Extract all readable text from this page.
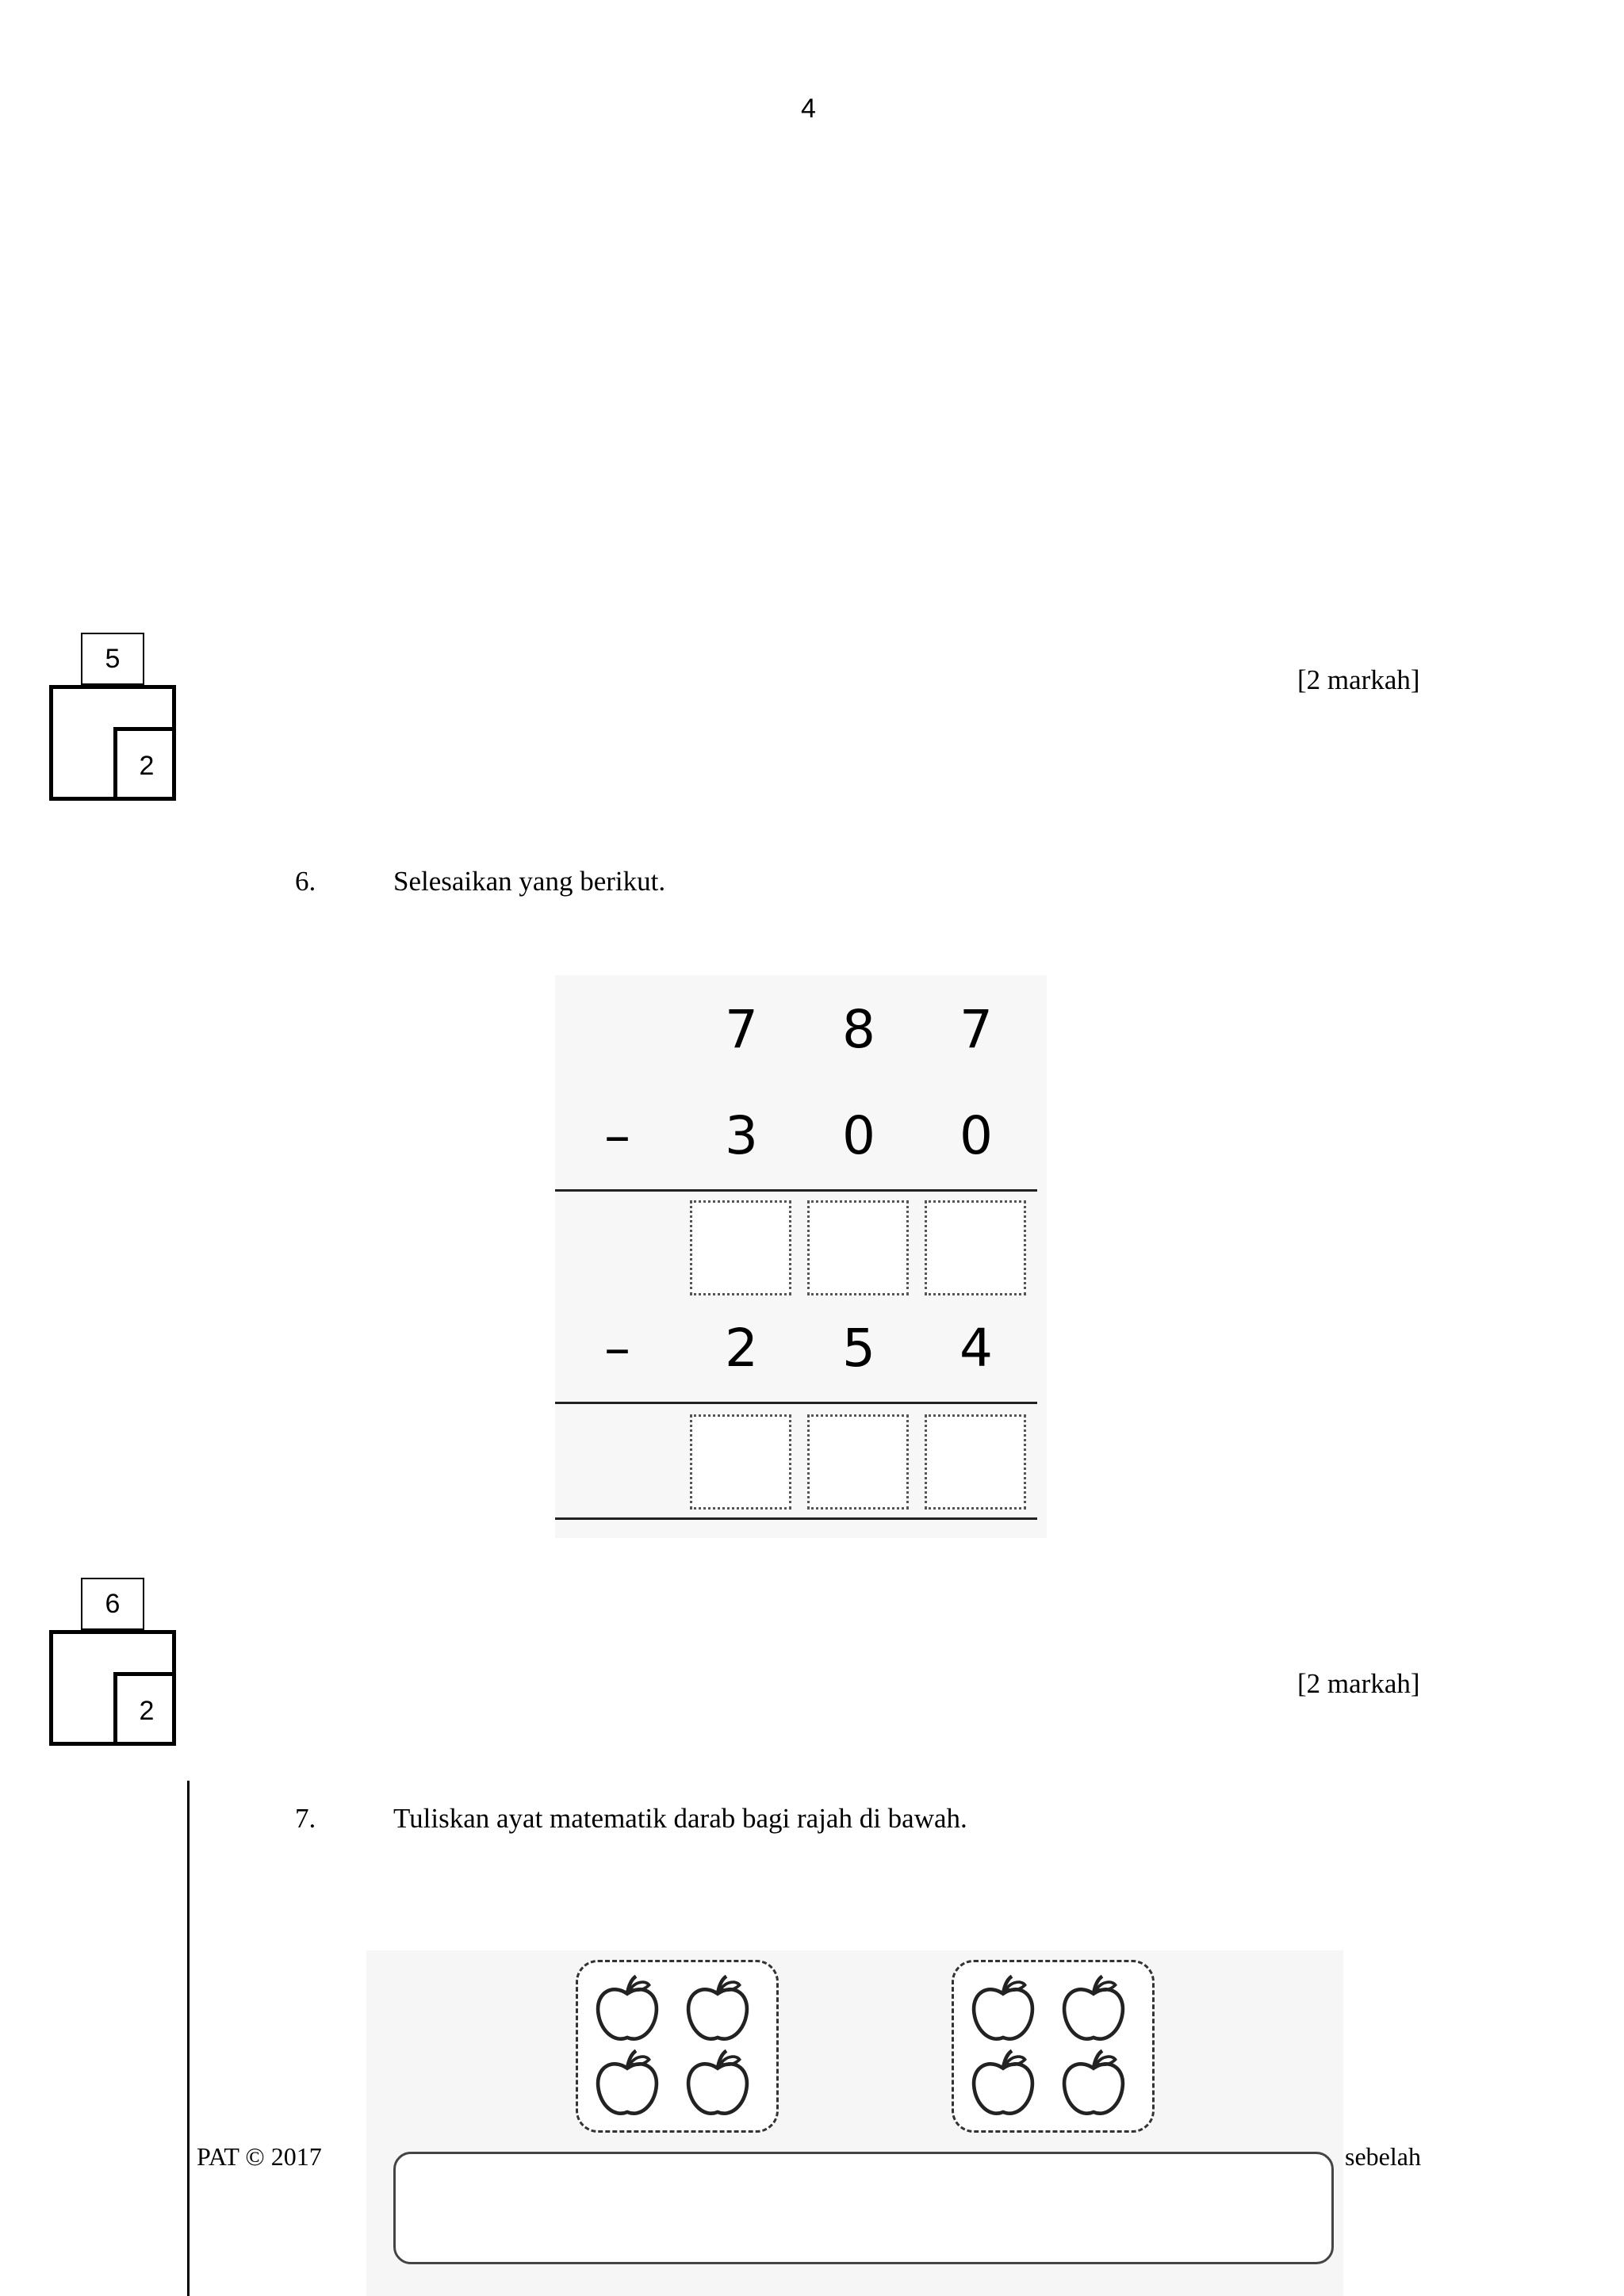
4
5
2
[2 markah]
6.	Selesaikan yang berikut.
7 8 7
– 3 0 0
– 2 5 4
6
2
[2 markah]
7.	Tuliskan ayat matematik darab bagi rajah di bawah.
PAT © 2017	sebelah
